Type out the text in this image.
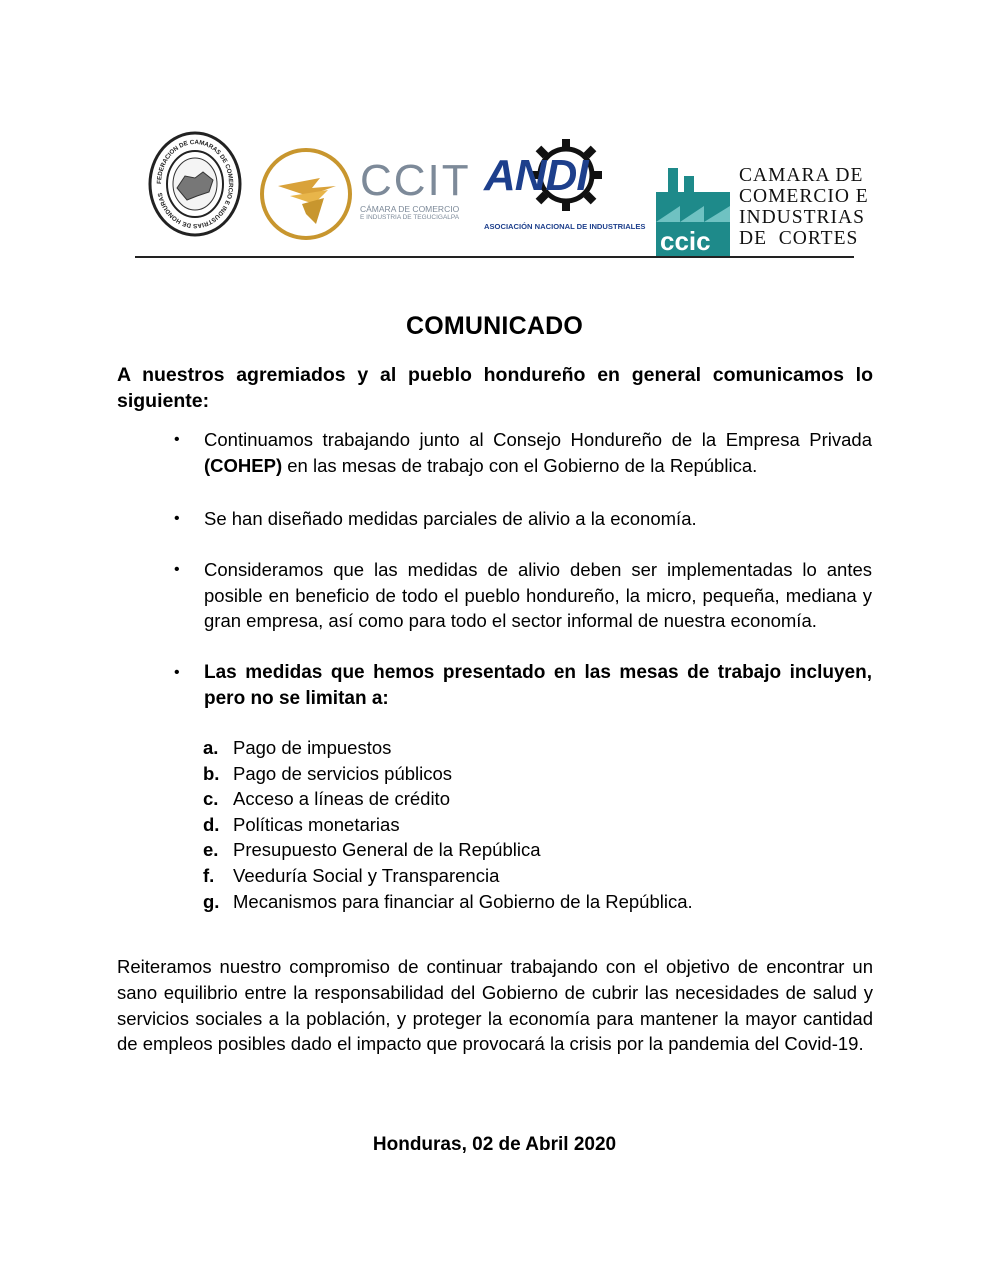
FEDERACION DE CAMARAS DE COMERCIO E INDUSTRIAS DE HONDURAS	CCIT
CÁMARA DE COMERCIO
E INDUSTRIA DE TEGUCIGALPA
ANDI
ASOCIACIÓN NACIONAL DE INDUSTRIALES ccic
CAMARA DE
COMERCIO E
INDUSTRIAS
DE  CORTES
COMUNICADO
A nuestros agremiados y al pueblo hondureño en general comunicamos lo siguiente:
• Continuamos trabajando junto al Consejo Hondureño de la Empresa Privada (COHEP) en las mesas de trabajo con el Gobierno de la República.
• Se han diseñado medidas parciales de alivio a la economía.
• Consideramos que las medidas de alivio deben ser implementadas lo antes posible en beneficio de todo el pueblo hondureño, la micro, pequeña, mediana y gran empresa, así como para todo el sector informal de nuestra economía.
• Las medidas que hemos presentado en las mesas de trabajo incluyen, pero no se limitan a:
a. Pago de impuestos
b. Pago de servicios públicos
c. Acceso a líneas de crédito
d. Políticas monetarias
e. Presupuesto General de la República
f.	Veeduría Social y Transparencia
g. Mecanismos para financiar al Gobierno de la República.
Reiteramos nuestro compromiso de continuar trabajando con el objetivo de encontrar un sano equilibrio entre la responsabilidad del Gobierno de cubrir las necesidades de salud y servicios sociales a la población, y proteger la economía para mantener la mayor cantidad de empleos posibles dado el impacto que provocará la crisis por la pandemia del Covid-19.
Honduras, 02 de Abril 2020
